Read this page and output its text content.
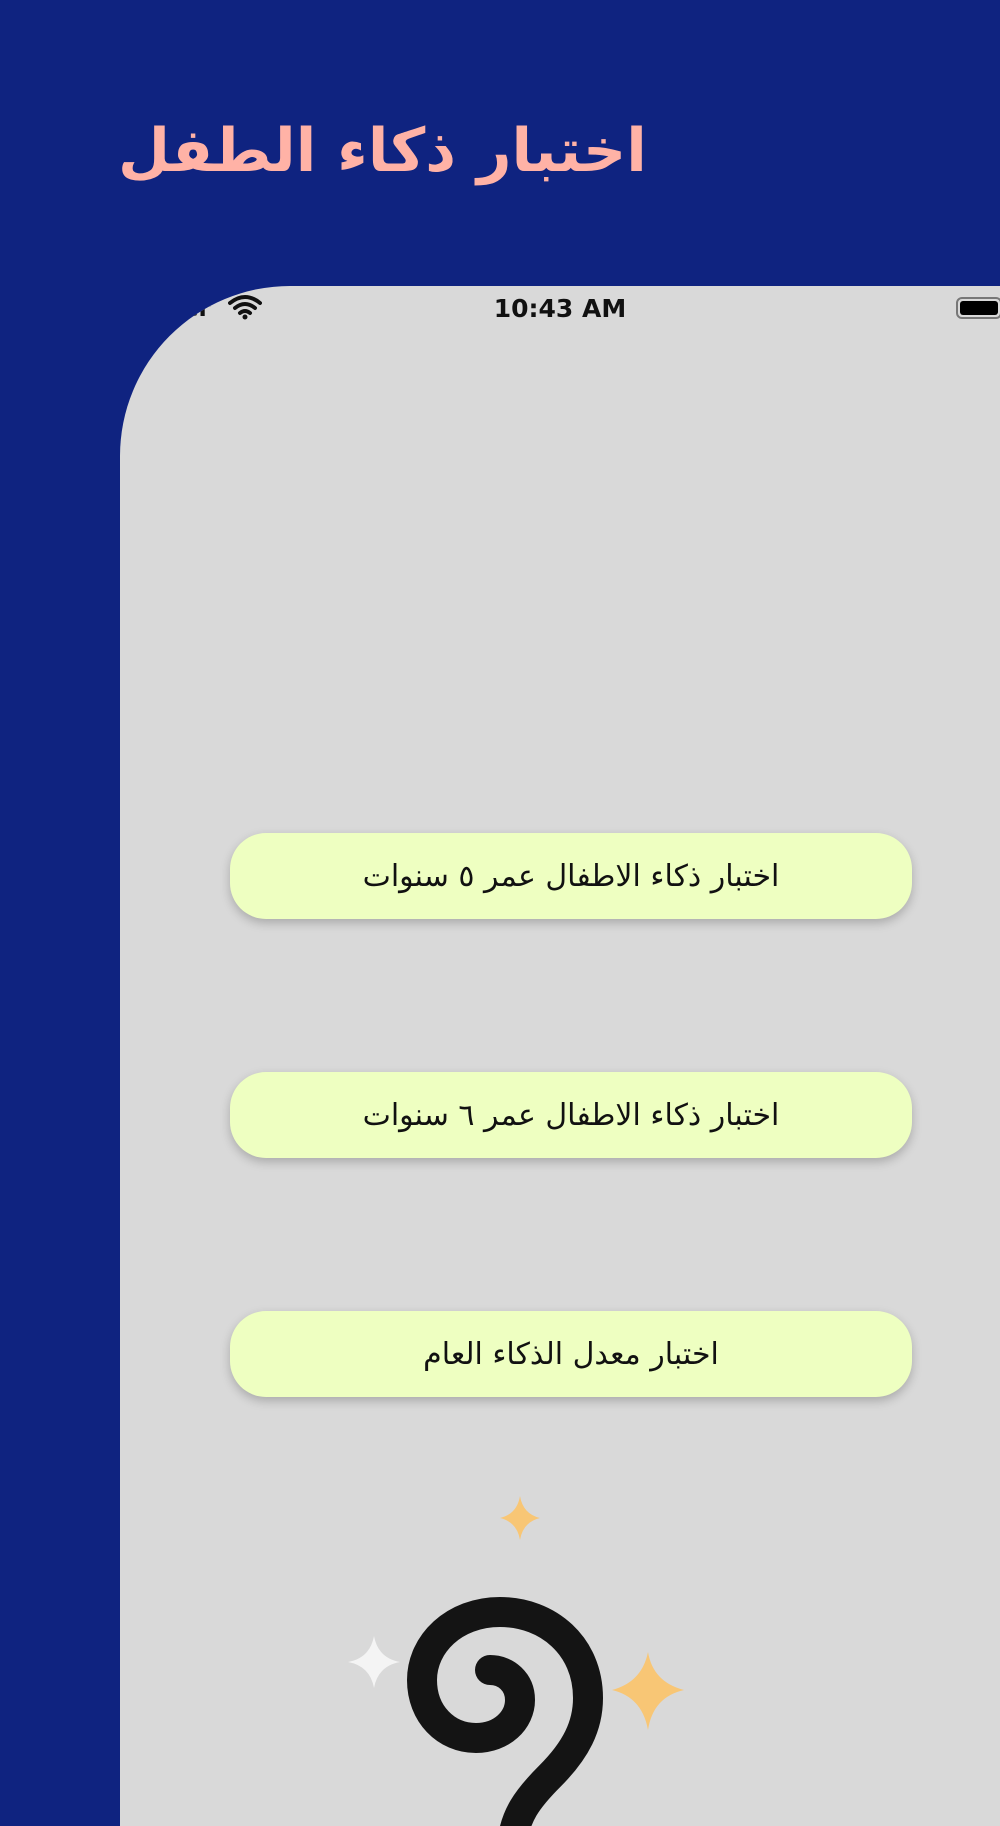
اختبار ذكاء الطفل
ier	10:43 AM
اختبار ذكاء الاطفال عمر ٥ سنوات
اختبار ذكاء الاطفال عمر ٦ سنوات
اختبار معدل الذكاء العام
